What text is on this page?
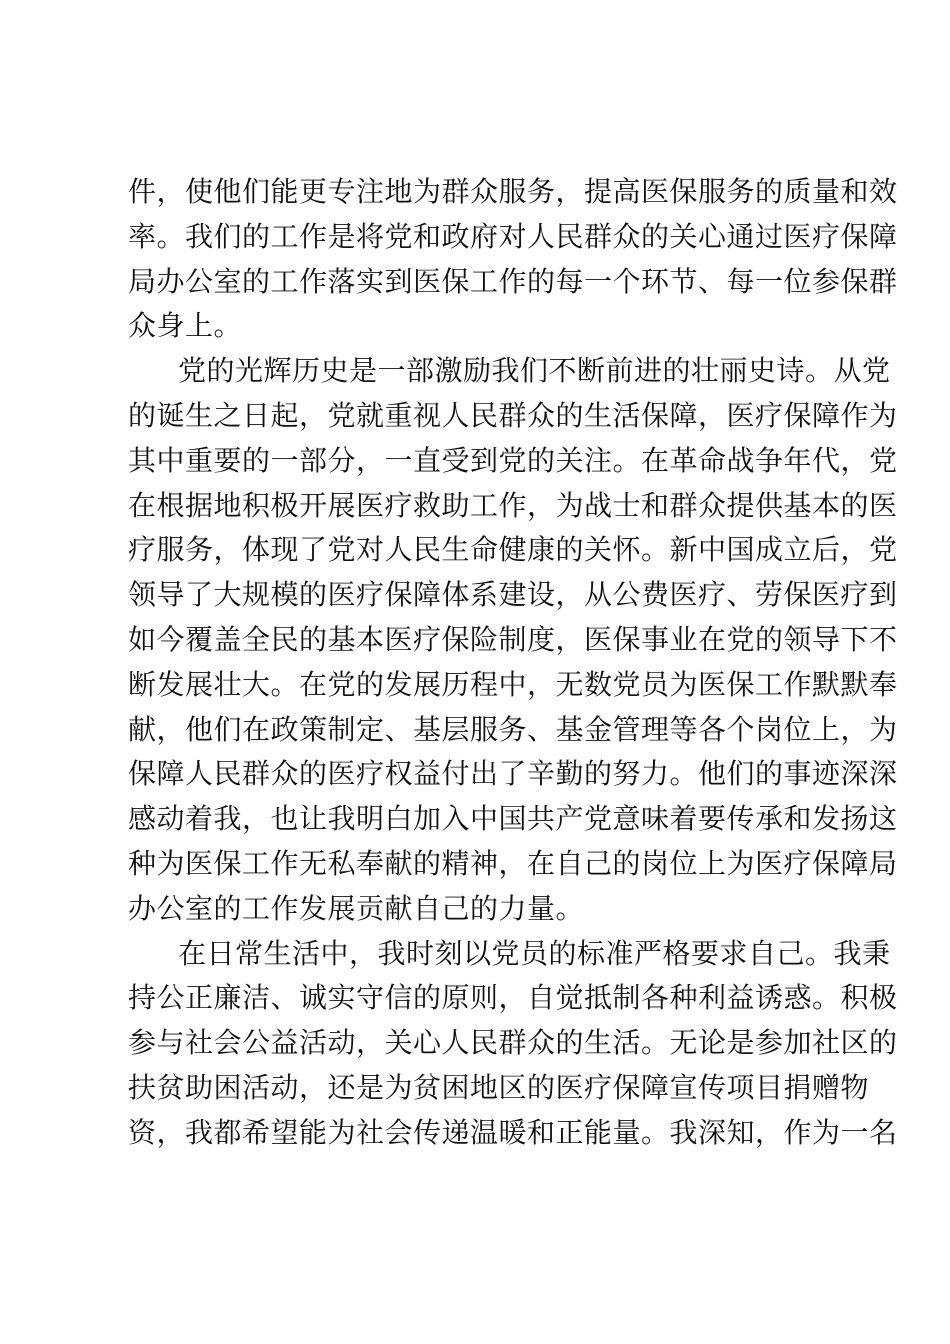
件，使他们能更专注地为群众服务，提高医保服务的质量和效
率。我们的工作是将党和政府对人民群众的关心通过医疗保障
局办公室的工作落实到医保工作的每一个环节、每一位参保群
众身上。
党的光辉历史是一部激励我们不断前进的壮丽史诗。从党
的诞生之日起，党就重视人民群众的生活保障，医疗保障作为
其中重要的一部分，一直受到党的关注。在革命战争年代，党
在根据地积极开展医疗救助工作，为战士和群众提供基本的医
疗服务，体现了党对人民生命健康的关怀。新中国成立后，党
领导了大规模的医疗保障体系建设，从公费医疗、劳保医疗到
如今覆盖全民的基本医疗保险制度，医保事业在党的领导下不
断发展壮大。在党的发展历程中，无数党员为医保工作默默奉
献，他们在政策制定、基层服务、基金管理等各个岗位上，为
保障人民群众的医疗权益付出了辛勤的努力。他们的事迹深深
感动着我，也让我明白加入中国共产党意味着要传承和发扬这
种为医保工作无私奉献的精神，在自己的岗位上为医疗保障局
办公室的工作发展贡献自己的力量。
在日常生活中，我时刻以党员的标准严格要求自己。我秉
持公正廉洁、诚实守信的原则，自觉抵制各种利益诱惑。积极
参与社会公益活动，关心人民群众的生活。无论是参加社区的
扶贫助困活动，还是为贫困地区的医疗保障宣传项目捐赠物
资，我都希望能为社会传递温暖和正能量。我深知，作为一名
